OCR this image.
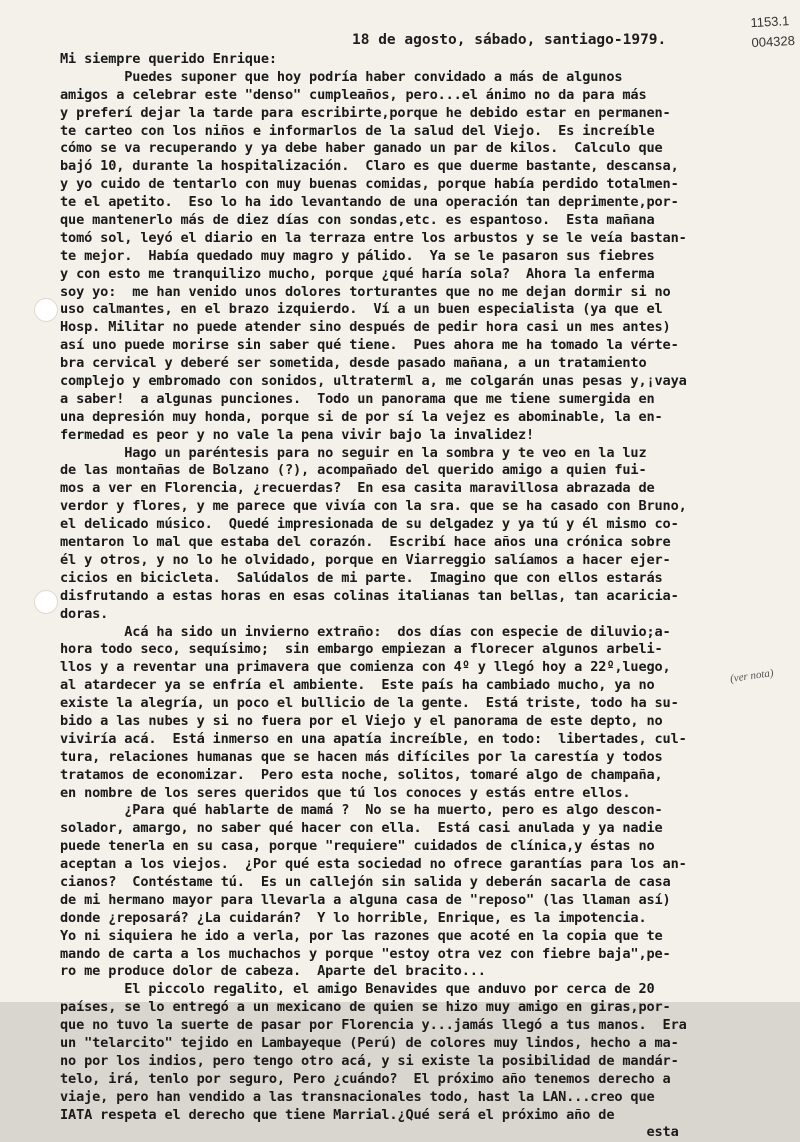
1153.1
004328
18 de agosto, sábado, santiago-1979.
Mi siempre querido Enrique:
Puedes suponer que hoy podría haber convidado a más de algunos
amigos a celebrar este "denso" cumpleaños, pero...el ánimo no da para más
y preferí dejar la tarde para escribirte,porque he debido estar en permanen-
te carteo con los niños e informarlos de la salud del Viejo.  Es increíble
cómo se va recuperando y ya debe haber ganado un par de kilos.  Calculo que
bajó 10, durante la hospitalización.  Claro es que duerme bastante, descansa,
y yo cuido de tentarlo con muy buenas comidas, porque había perdido totalmen-
te el apetito.  Eso lo ha ido levantando de una operación tan deprimente,por-
que mantenerlo más de diez días con sondas,etc. es espantoso.  Esta mañana
tomó sol, leyó el diario en la terraza entre los arbustos y se le veía bastan-
te mejor.  Había quedado muy magro y pálido.  Ya se le pasaron sus fiebres
y con esto me tranquilizo mucho, porque ¿qué haría sola?  Ahora la enferma
soy yo:  me han venido unos dolores torturantes que no me dejan dormir si no
uso calmantes, en el brazo izquierdo.  Ví a un buen especialista (ya que el
Hosp. Militar no puede atender sino después de pedir hora casi un mes antes)
así uno puede morirse sin saber qué tiene.  Pues ahora me ha tomado la vérte-
bra cervical y deberé ser sometida, desde pasado mañana, a un tratamiento
complejo y embromado con sonidos, ultraterml a, me colgarán unas pesas y,¡vaya
a saber!  a algunas punciones.  Todo un panorama que me tiene sumergida en
una depresión muy honda, porque si de por sí la vejez es abominable, la en-
fermedad es peor y no vale la pena vivir bajo la invalidez!
Hago un paréntesis para no seguir en la sombra y te veo en la luz
de las montañas de Bolzano (?), acompañado del querido amigo a quien fui-
mos a ver en Florencia, ¿recuerdas?  En esa casita maravillosa abrazada de
verdor y flores, y me parece que vivía con la sra. que se ha casado con Bruno,
el delicado músico.  Quedé impresionada de su delgadez y ya tú y él mismo co-
mentaron lo mal que estaba del corazón.  Escribí hace años una crónica sobre
él y otros, y no lo he olvidado, porque en Viarreggio salíamos a hacer ejer-
cicios en bicicleta.  Salúdalos de mi parte.  Imagino que con ellos estarás
disfrutando a estas horas en esas colinas italianas tan bellas, tan acaricia-
doras.
Acá ha sido un invierno extraño:  dos días con especie de diluvio;a-
hora todo seco, sequísimo;  sin embargo empiezan a florecer algunos arbeli-
llos y a reventar una primavera que comienza con 4º y llegó hoy a 22º,luego,
al atardecer ya se enfría el ambiente.  Este país ha cambiado mucho, ya no
existe la alegría, un poco el bullicio de la gente.  Está triste, todo ha su-
bido a las nubes y si no fuera por el Viejo y el panorama de este depto, no
viviría acá.  Está inmerso en una apatía increíble, en todo:  libertades, cul-
tura, relaciones humanas que se hacen más difíciles por la carestía y todos
tratamos de economizar.  Pero esta noche, solitos, tomaré algo de champaña,
en nombre de los seres queridos que tú los conoces y estás entre ellos.
¿Para qué hablarte de mamá ?  No se ha muerto, pero es algo descon-
solador, amargo, no saber qué hacer con ella.  Está casi anulada y ya nadie
puede tenerla en su casa, porque "requiere" cuidados de clínica,y éstas no
aceptan a los viejos.  ¿Por qué esta sociedad no ofrece garantías para los an-
cianos?  Contéstame tú.  Es un callejón sin salida y deberán sacarla de casa
de mi hermano mayor para llevarla a alguna casa de "reposo" (las llaman así)
donde ¿reposará? ¿La cuidarán?  Y lo horrible, Enrique, es la impotencia.
Yo ni siquiera he ido a verla, por las razones que acoté en la copia que te
mando de carta a los muchachos y porque "estoy otra vez con fiebre baja",pe-
ro me produce dolor de cabeza.  Aparte del bracito...
El piccolo regalito, el amigo Benavides que anduvo por cerca de 20
países, se lo entregó a un mexicano de quien se hizo muy amigo en giras,por-
que no tuvo la suerte de pasar por Florencia y...jamás llegó a tus manos.  Era
un "telarcito" tejido en Lambayeque (Perú) de colores muy lindos, hecho a ma-
no por los indios, pero tengo otro acá, y si existe la posibilidad de mandár-
telo, irá, tenlo por seguro, Pero ¿cuándo?  El próximo año tenemos derecho a
viaje, pero han vendido a las transnacionales todo, hast la LAN...creo que
IATA respeta el derecho que tiene Marrial.¿Qué será el próximo año de
esta
(ver nota)
